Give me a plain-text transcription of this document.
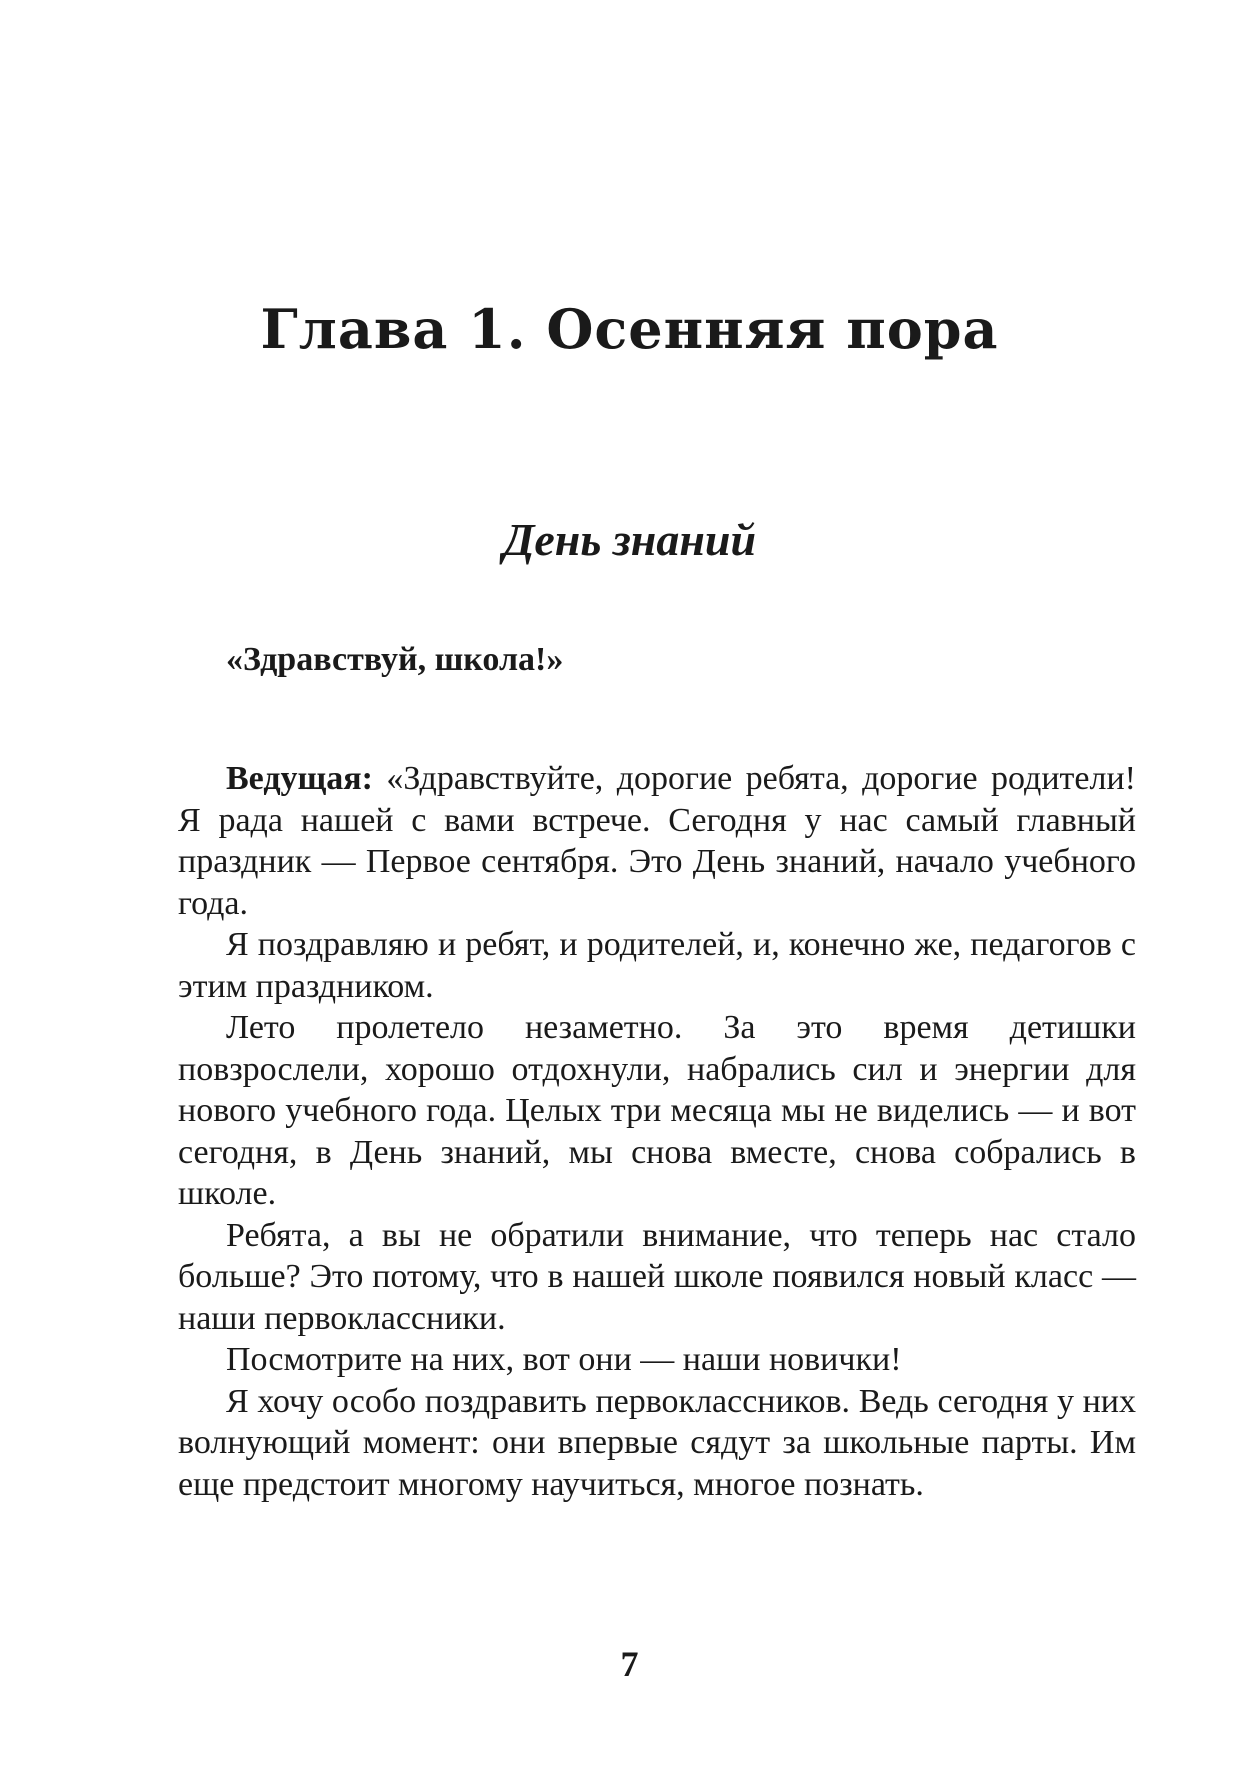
Глава 1. Осенняя пора
День знаний
«Здравствуй, школа!»

Ведущая: «Здравствуйте, дорогие ребята, дорогие родители! Я рада нашей с вами встрече. Сегодня у нас самый главный праздник — Первое сентября. Это День знаний, начало учебного года.

Я поздравляю и ребят, и родителей, и, конечно же, педагогов с этим праздником.

Лето пролетело незаметно. За это время детишки повзрослели, хорошо отдохнули, набрались сил и энергии для нового учебного года. Целых три месяца мы не виделись — и вот сегодня, в День знаний, мы снова вместе, снова собрались в школе.

Ребята, а вы не обратили внимание, что теперь нас стало больше? Это потому, что в нашей школе появился новый класс — наши первоклассники.

Посмотрите на них, вот они — наши новички!

Я хочу особо поздравить первоклассников. Ведь сегодня у них волнующий момент: они впервые сядут за школьные парты. Им еще предстоит многому научиться, многое познать.

7
